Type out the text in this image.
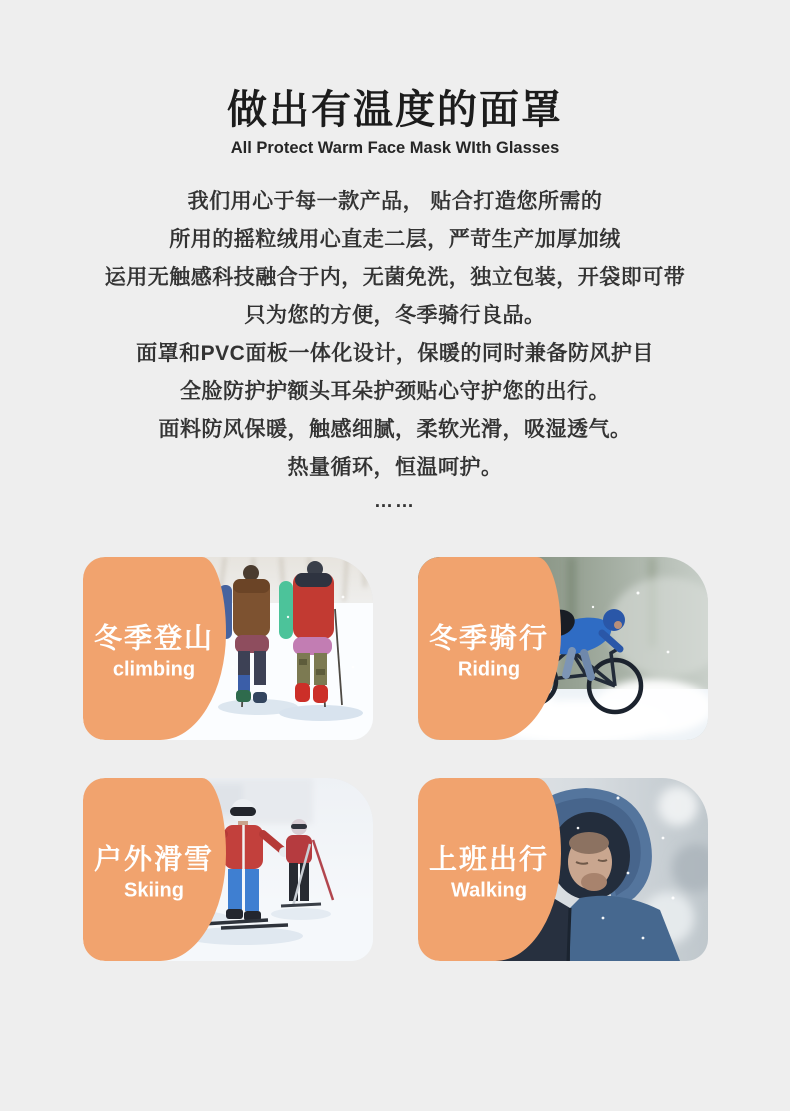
做出有温度的面罩
All Protect Warm Face Mask WIth Glasses
我们用心于每一款产品， 贴合打造您所需的
所用的摇粒绒用心直走二层，严苛生产加厚加绒
运用无触感科技融合于内，无菌免洗，独立包装，开袋即可带
只为您的方便，冬季骑行良品。
面罩和PVC面板一体化设计，保暖的同时兼备防风护目
全脸防护护额头耳朵护颈贴心守护您的出行。
面料防风保暖，触感细腻，柔软光滑，吸湿透气。
热量循环，恒温呵护。
……
冬季登山
climbing
冬季骑行
Riding
户外滑雪
Skiing
上班出行
Walking
